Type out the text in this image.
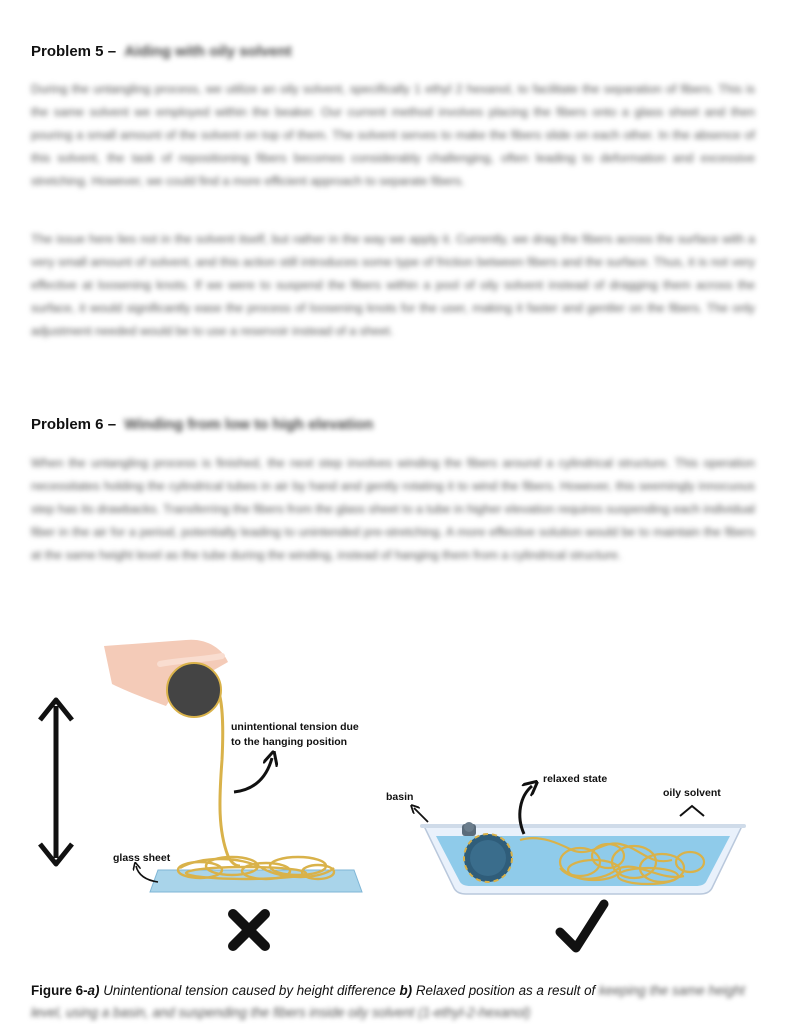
Problem 5 – Aiding with oily solvent
During the untangling process, we utilize an oily solvent, specifically 1 ethyl 2 hexanol, to facilitate the separation of fibers. This is the same solvent we employed within the beaker. Our current method involves placing the fibers onto a glass sheet and then pouring a small amount of the solvent on top of them. The solvent serves to make the fibers slide on each other. In the absence of this solvent, the task of repositioning fibers becomes considerably challenging, often leading to deformation and excessive stretching. However, we could find a more efficient approach to separate fibers.
The issue here lies not in the solvent itself, but rather in the way we apply it. Currently, we drag the fibers across the surface with a very small amount of solvent, and this action still introduces some type of friction between fibers and the surface. Thus, it is not very effective at loosening knots. If we were to suspend the fibers within a pool of oily solvent instead of dragging them across the surface, it would significantly ease the process of loosening knots for the user, making it faster and gentler on the fibers. The only adjustment needed would be to use a reservoir instead of a sheet.
Problem 6 – Winding from low to high elevation
When the untangling process is finished, the next step involves winding the fibers around a cylindrical structure. This operation necessitates holding the cylindrical tubes in air by hand and gently rotating it to wind the fibers. However, this seemingly innocuous step has its drawbacks. Transferring the fibers from the glass sheet to a tube in higher elevation requires suspending each individual fiber in the air for a period, potentially leading to unintended pre-stretching. A more effective solution would be to maintain the fibers at the same height level as the tube during the winding, instead of hanging them from a cylindrical structure.
unintentional tension due
to the hanging position
glass sheet
basin
relaxed state
oily solvent
Figure 6-a) Unintentional tension caused by height difference b) Relaxed position as a result of keeping the same height level, using a basin, and suspending the fibers inside oily solvent (1-ethyl-2-hexanol)
